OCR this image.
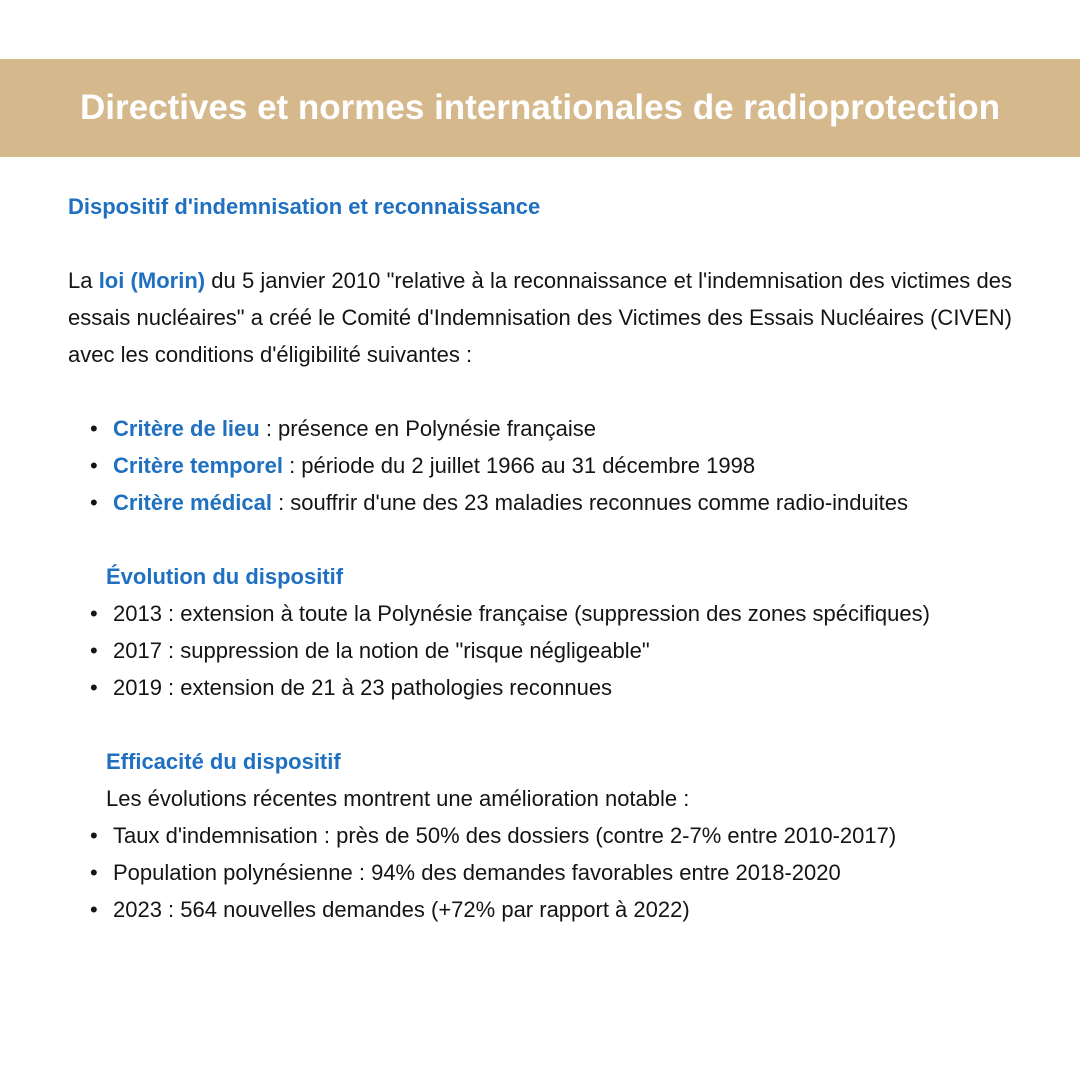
Directives et normes internationales de radioprotection
Dispositif d'indemnisation et reconnaissance

La loi (Morin) du 5 janvier 2010 "relative à la reconnaissance et l'indemnisation des victimes des essais nucléaires" a créé le Comité d'Indemnisation des Victimes des Essais Nucléaires (CIVEN) avec les conditions d'éligibilité suivantes :

• Critère de lieu : présence en Polynésie française
• Critère temporel : période du 2 juillet 1966 au 31 décembre 1998
• Critère médical : souffrir d'une des 23 maladies reconnues comme radio-induites
Évolution du dispositif
• 2013 : extension à toute la Polynésie française (suppression des zones spécifiques)
• 2017 : suppression de la notion de "risque négligeable"
• 2019 : extension de 21 à 23 pathologies reconnues
Efficacité du dispositif

Les évolutions récentes montrent une amélioration notable :

• Taux d'indemnisation : près de 50% des dossiers (contre 2-7% entre 2010-2017)
• Population polynésienne : 94% des demandes favorables entre 2018-2020
• 2023 : 564 nouvelles demandes (+72% par rapport à 2022)
